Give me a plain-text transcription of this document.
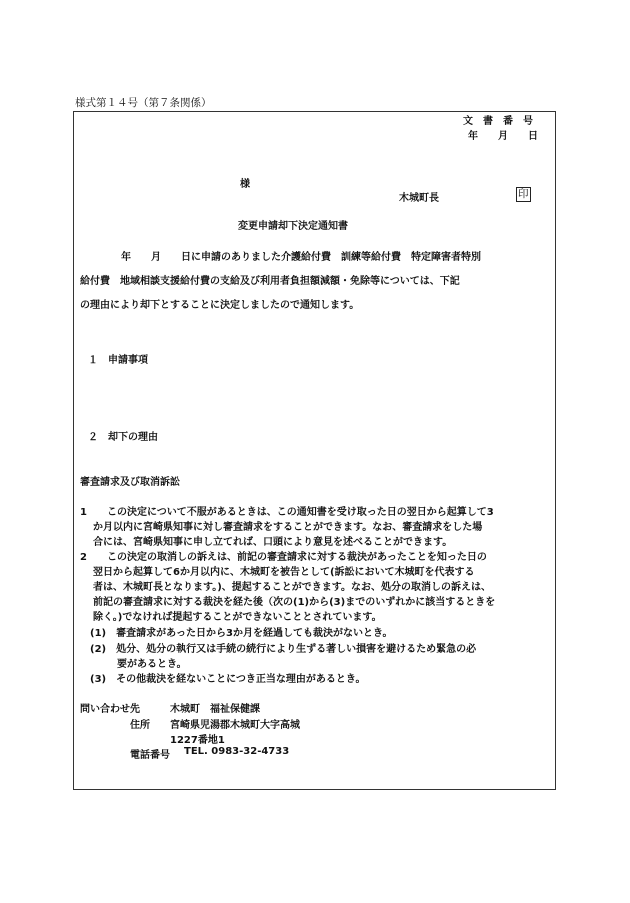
様式第１４号（第７条関係）
文　書　番　号
年　　月　　日
様
木城町長	印
変更申請却下決定通知書
年　　月　　日に申請のありました介護給付費　訓練等給付費　特定障害者特別
給付費　地域相談支援給付費の支給及び利用者負担額減額・免除等については、下記
の理由により却下とすることに決定しましたので通知します。
１　申請事項
２　却下の理由
審査請求及び取消訴訟
1　　この決定について不服があるときは、この通知書を受け取った日の翌日から起算して3
か月以内に宮崎県知事に対し審査請求をすることができます。なお、審査請求をした場
合には、宮崎県知事に申し立てれば、口頭により意見を述べることができます。
2　　この決定の取消しの訴えは、前記の審査請求に対する裁決があったことを知った日の
翌日から起算して6か月以内に、木城町を被告として(訴訟において木城町を代表する
者は、木城町長となります。)、提起することができます。なお、処分の取消しの訴えは、
前記の審査請求に対する裁決を経た後（次の(1)から(3)までのいずれかに該当するときを
除く。)でなければ提起することができないこととされています。
(1)　審査請求があった日から3か月を経過しても裁決がないとき。
(2)　処分、処分の執行又は手続の続行により生ずる著しい損害を避けるため緊急の必
要があるとき。
(3)　その他裁決を経ないことにつき正当な理由があるとき。
問い合わせ先	木城町　福祉保健課
住所 宮崎県児湯郡木城町大字高城
1227番地1
電話番号 TEL. 0983-32-4733
